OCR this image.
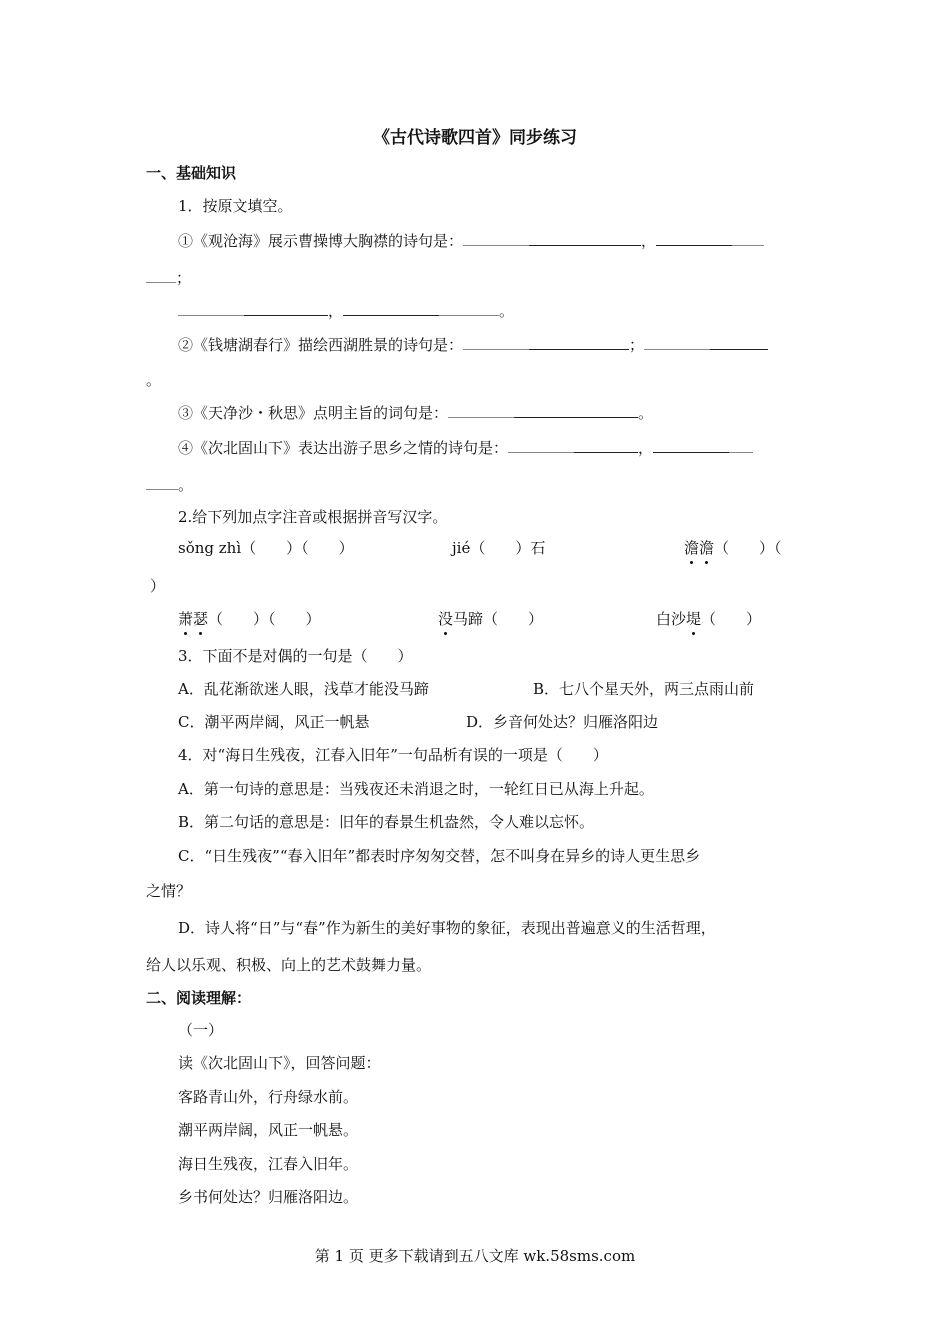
《古代诗歌四首》同步练习
一、基础知识
1．按原文填空。
①《观沧海》展示曹操博大胸襟的诗句是：	，
；
，	。
②《钱塘湖春行》描绘西湖胜景的诗句是：	；
。
③《天净沙・秋思》点明主旨的词句是：	。
④《次北固山下》表达出游子思乡之情的诗句是：	，
。
2.给下列加点字注音或根据拼音写汉字。
sǒng zhì（　　）（　　）	jié（　　）石	澹澹（　　）（
）
萧瑟（　　）（　　）	没马蹄（　　）	白沙堤（　　）
3．下面不是对偶的一句是（　　）
A．乱花渐欲迷人眼，浅草才能没马蹄	B．七八个星天外，两三点雨山前
C．潮平两岸阔，风正一帆悬	D．乡音何处达？归雁洛阳边
4．对“海日生残夜，江春入旧年”一句品析有误的一项是（　　）
A．第一句诗的意思是：当残夜还未消退之时，一轮红日已从海上升起。
B．第二句话的意思是：旧年的春景生机盎然，令人难以忘怀。
C．“日生残夜”“春入旧年”都表时序匆匆交替，怎不叫身在异乡的诗人更生思乡
之情？
D．诗人将“日”与“春”作为新生的美好事物的象征，表现出普遍意义的生活哲理，
给人以乐观、积极、向上的艺术鼓舞力量。
二、阅读理解：
（一）
读《次北固山下》，回答问题：
客路青山外，行舟绿水前。
潮平两岸阔，风正一帆悬。
海日生残夜，江春入旧年。
乡书何处达？归雁洛阳边。
第 1 页 更多下载请到五八文库 wk.58sms.com
